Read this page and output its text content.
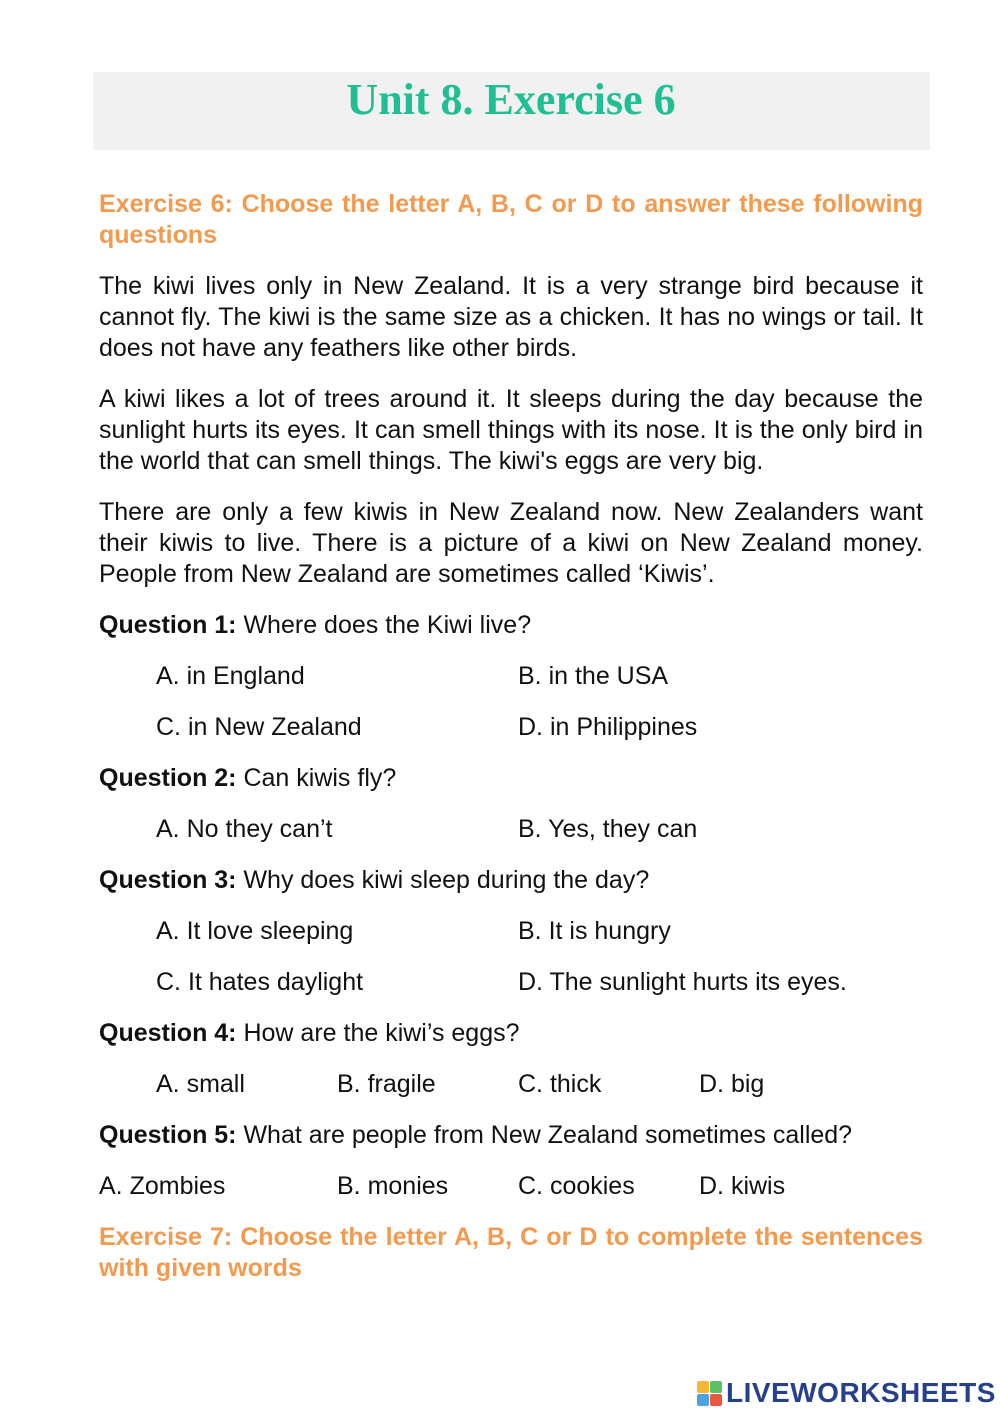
Unit 8. Exercise 6

Exercise 6: Choose the letter A, B, C or D to answer these following questions

The kiwi lives only in New Zealand. It is a very strange bird because it cannot fly. The kiwi is the same size as a chicken. It has no wings or tail. It does not have any feathers like other birds.

A kiwi likes a lot of trees around it. It sleeps during the day because the sunlight hurts its eyes. It can smell things with its nose. It is the only bird in the world that can smell things. The kiwi's eggs are very big.

There are only a few kiwis in New Zealand now. New Zealanders want their kiwis to live. There is a picture of a kiwi on New Zealand money. People from New Zealand are sometimes called ‘Kiwis’.

Question 1: Where does the Kiwi live?

A. in England	B. in the USA
C. in New Zealand	D. in Philippines

Question 2: Can kiwis fly?

A. No they can’t	B. Yes, they can

Question 3: Why does kiwi sleep during the day?

A. It love sleeping	B. It is hungry
C. It hates daylight	D. The sunlight hurts its eyes.

Question 4: How are the kiwi’s eggs?

A. small	B. fragile	C. thick	D. big

Question 5: What are people from New Zealand sometimes called?

A. Zombies	B. monies	C. cookies	D. kiwis

Exercise 7: Choose the letter A, B, C or D to complete the sentences with given words

LIVEWORKSHEETS
